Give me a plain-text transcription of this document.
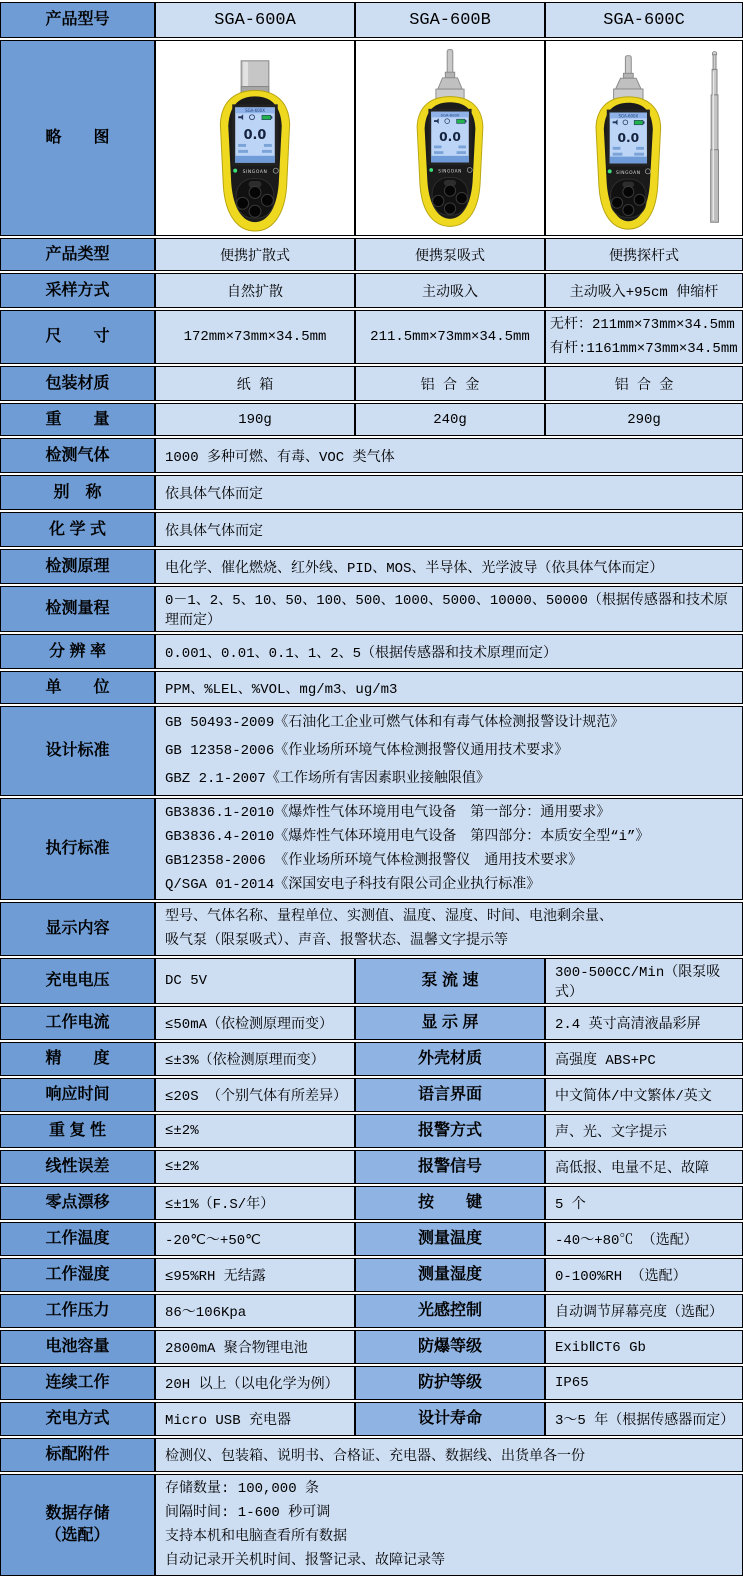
产品型号	SGA-600A	SGA-600B	SGA-600C
略　　图	SGA-600X
0.0
SINGOAN	SGA-600X
0.0
SINGOAN	SGA-600X
0.0
SINGOAN

产品类型	便携扩散式	便携泵吸式	便携探杆式
采样方式	自然扩散	主动吸入	主动吸入+95cm 伸缩杆
尺　　寸	172mm×73mm×34.5mm	211.5mm×73mm×34.5mm	无杆：211mm×73mm×34.5mm
有杆:1161mm×73mm×34.5mm

包装材质	纸 箱	铝 合 金	铝 合 金
重　　量	190g	240g	290g
检测气体	1000 多种可燃、有毒、VOC 类气体		
别　称	依具体气体而定		
化 学 式	依具体气体而定		
检测原理	电化学、催化燃烧、红外线、PID、MOS、半导体、光学波导（依具体气体而定）		
检测量程	0－1、2、5、10、50、100、500、1000、5000、10000、50000（根据传感器和技术原理而定）		
分 辨 率	0.001、0.01、0.1、1、2、5（根据传感器和技术原理而定）		
单　　位	PPM、%LEL、%VOL、mg/m3、ug/m3		
设计标准	GB 50493-2009《石油化工企业可燃气体和有毒气体检测报警设计规范》
GB 12358-2006《作业场所环境气体检测报警仪通用技术要求》
GBZ 2.1-2007《工作场所有害因素职业接触限值》		

执行标准	GB3836.1-2010《爆炸性气体环境用电气设备　第一部分：通用要求》
GB3836.4-2010《爆炸性气体环境用电气设备　第四部分：本质安全型“i”》
GB12358-2006 《作业场所环境气体检测报警仪　通用技术要求》
Q/SGA 01-2014《深国安电子科技有限公司企业执行标准》		

显示内容	型号、气体名称、量程单位、实测值、温度、湿度、时间、电池剩余量、
吸气泵（限泵吸式）、声音、报警状态、温馨文字提示等		

充电电压	DC 5V	泵 流 速	300-500CC/Min（限泵吸式）
工作电流	≤50mA（依检测原理而变）	显 示 屏	2.4 英寸高清液晶彩屏
精　　度	≤±3%（依检测原理而变）	外壳材质	高强度 ABS+PC
响应时间	≤20S （个别气体有所差异）	语言界面	中文简体/中文繁体/英文
重 复 性	≤±2%	报警方式	声、光、文字提示
线性误差	≤±2%	报警信号	高低报、电量不足、故障
零点漂移	≤±1%（F.S/年）	按　　键	5 个
工作温度	-20℃～+50℃	测量温度	-40～+80℃ （选配）
工作湿度	≤95%RH 无结露	测量湿度	0-100%RH （选配）
工作压力	86～106Kpa	光感控制	自动调节屏幕亮度（选配）
电池容量	2800mA 聚合物锂电池	防爆等级	ExibⅡCT6 Gb
连续工作	20H 以上（以电化学为例）	防护等级	IP65
充电方式	Micro USB 充电器	设计寿命	3～5 年（根据传感器而定）
标配附件	检测仪、包装箱、说明书、合格证、充电器、数据线、出货单各一份		

数据存储
（选配）

存储数量: 100,000 条
间隔时间: 1-600 秒可调
支持本机和电脑查看所有数据
自动记录开关机时间、报警记录、故障记录等
